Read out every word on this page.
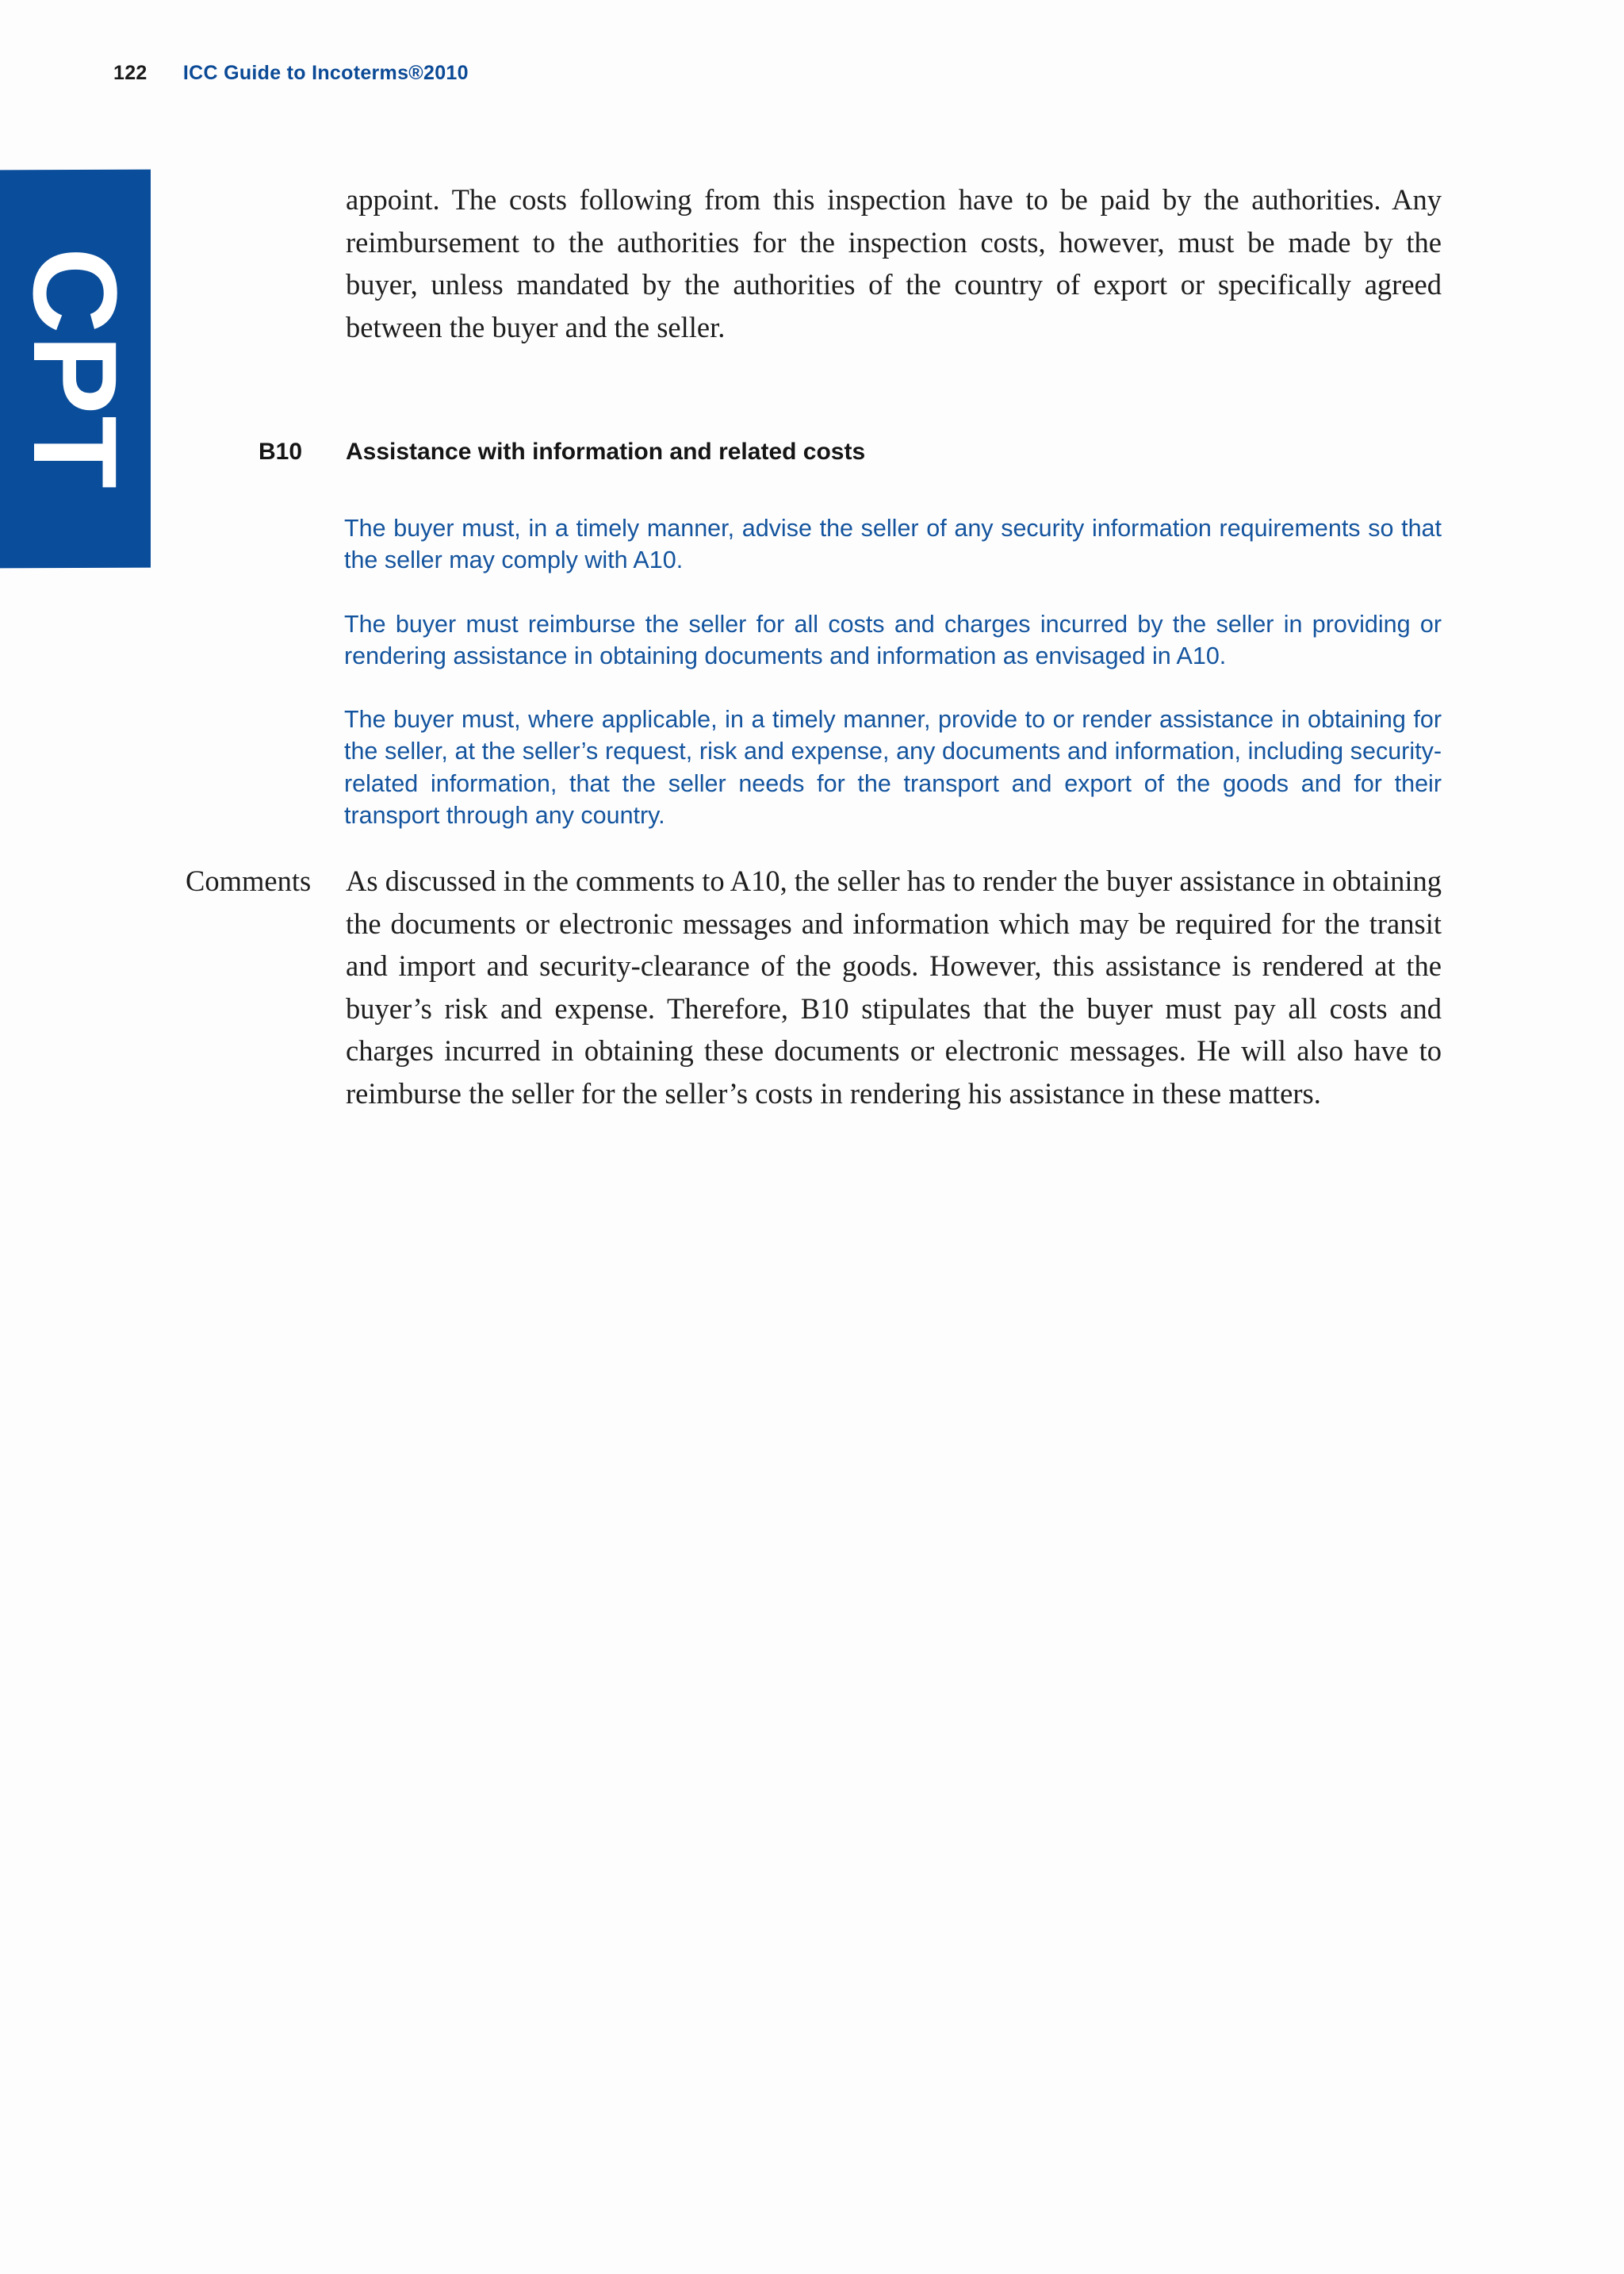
122 ICC Guide to Incoterms®2010
CPT

appoint. The costs following from this inspection have to be paid by the authorities. Any reimbursement to the authorities for the inspection costs, however, must be made by the buyer, unless mandated by the authorities of the country of export or specifically agreed between the buyer and the seller.

B10 Assistance with information and related costs

The buyer must, in a timely manner, advise the seller of any security information requirements so that the seller may comply with A10.

The buyer must reimburse the seller for all costs and charges incurred by the seller in providing or rendering assistance in obtaining documents and information as envisaged in A10.

The buyer must, where applicable, in a timely manner, provide to or render assistance in obtaining for the seller, at the seller’s request, risk and expense, any documents and information, including security-related information, that the seller needs for the transport and export of the goods and for their transport through any country.

Comments As discussed in the comments to A10, the seller has to render the buyer assistance in obtaining the documents or electronic messages and information which may be required for the transit and import and security-clearance of the goods. However, this assistance is rendered at the buyer’s risk and expense. Therefore, B10 stipulates that the buyer must pay all costs and charges incurred in obtaining these documents or electronic messages. He will also have to reimburse the seller for the seller’s costs in rendering his assistance in these matters.
